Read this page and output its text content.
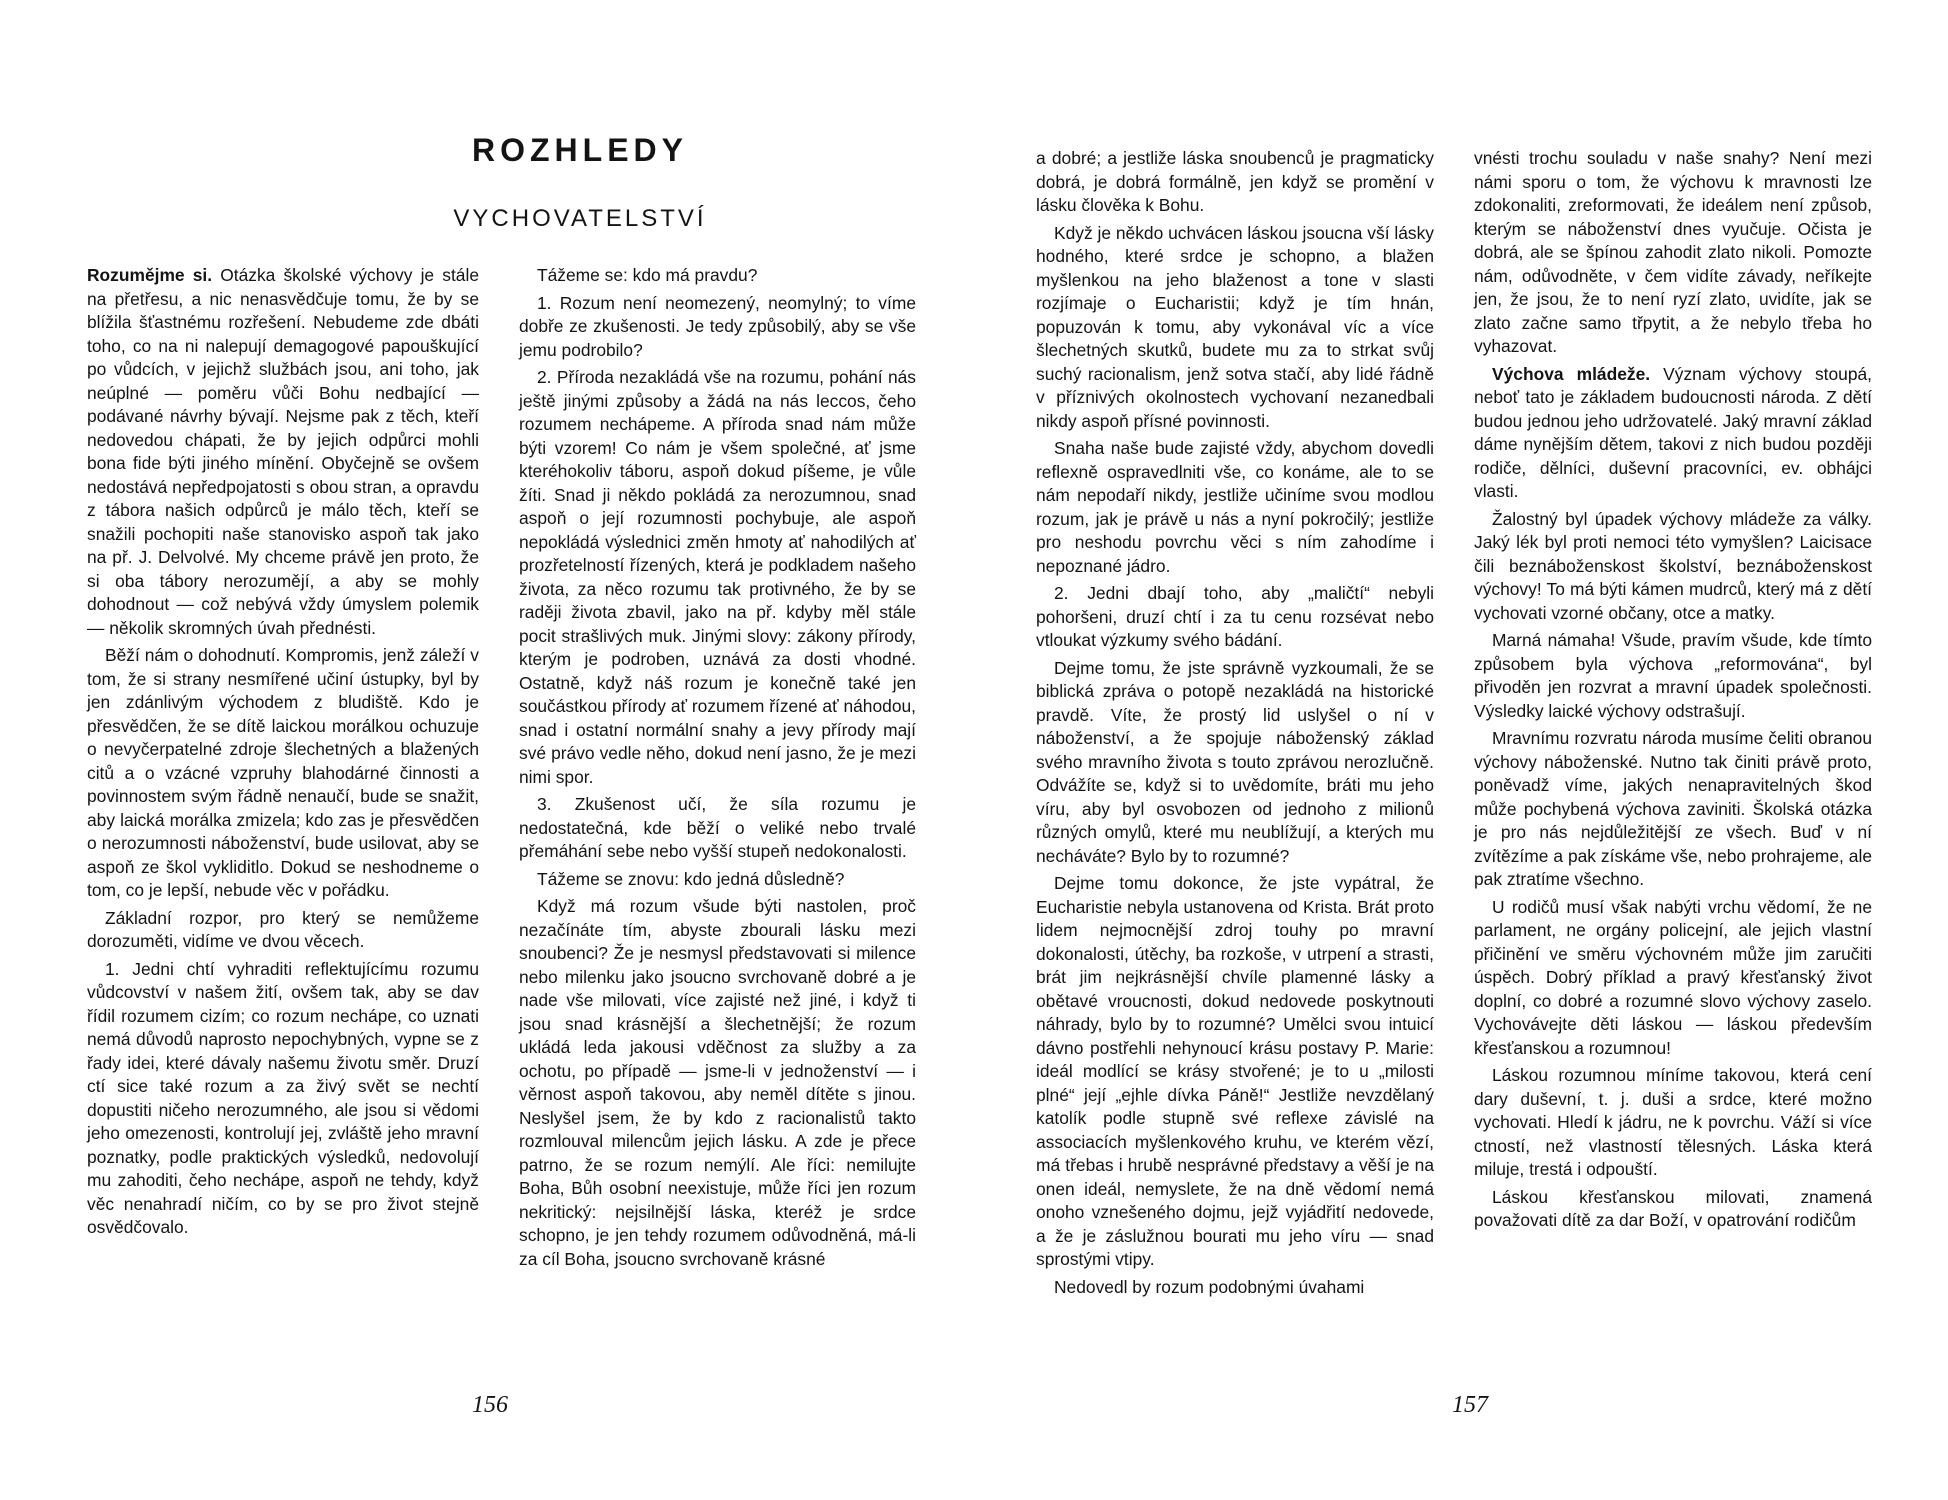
ROZHLEDY
VYCHOVATELSTVÍ

Rozumějme si. Otázka školské výchovy je stále na přetřesu, a nic nenasvědčuje tomu, že by se blížila šťastnému rozřešení. Nebudeme zde dbáti toho, co na ni nalepují demagogové papouškující po vůdcích, v jejichž službách jsou, ani toho, jak neúplné — poměru vůči Bohu nedbající — podávané návrhy bývají. Nejsme pak z těch, kteří nedovedou chápati, že by jejich odpůrci mohli bona fide býti jiného mínění. Obyčejně se ovšem nedostává nepředpojatosti s obou stran, a opravdu z tábora našich odpůrců je málo těch, kteří se snažili pochopiti naše stanovisko aspoň tak jako na př. J. Delvolvé. My chceme právě jen proto, že si oba tábory nerozumějí, a aby se mohly dohodnout — což nebývá vždy úmyslem polemik — několik skromných úvah přednésti.

Běží nám o dohodnutí. Kompromis, jenž záleží v tom, že si strany nesmířené učiní ústupky, byl by jen zdánlivým východem z bludiště. Kdo je přesvědčen, že se dítě laickou morálkou ochuzuje o nevyčerpatelné zdroje šlechetných a blažených citů a o vzácné vzpruhy blahodárné činnosti a povinnostem svým řádně nenaučí, bude se snažit, aby laická morálka zmizela; kdo zas je přesvědčen o nerozumnosti náboženství, bude usilovat, aby se aspoň ze škol vykliditlo. Dokud se neshodneme o tom, co je lepší, nebude věc v pořádku.

Základní rozpor, pro který se nemůžeme dorozuměti, vidíme ve dvou věcech.

1. Jedni chtí vyhraditi reflektujícímu rozumu vůdcovství v našem žití, ovšem tak, aby se dav řídil rozumem cizím; co rozum nechápe, co uznati nemá důvodů naprosto nepochybných, vypne se z řady idei, které dávaly našemu životu směr. Druzí ctí sice také rozum a za živý svět se nechtí dopustiti ničeho nerozumného, ale jsou si vědomi jeho omezenosti, kontrolují jej, zvláště jeho mravní poznatky, podle praktických výsledků, nedovolují mu zahoditi, čeho nechápe, aspoň ne tehdy, když věc nenahradí ničím, co by se pro život stejně osvědčovalo.

Tážeme se: kdo má pravdu?

1. Rozum není neomezený, neomylný; to víme dobře ze zkušenosti. Je tedy způsobilý, aby se vše jemu podrobilo?

2. Příroda nezakládá vše na rozumu, pohání nás ještě jinými způsoby a žádá na nás leccos, čeho rozumem nechápeme. A příroda snad nám může býti vzorem! Co nám je všem společné, ať jsme kteréhokoliv táboru, aspoň dokud píšeme, je vůle žíti. Snad ji někdo pokládá za nerozumnou, snad aspoň o její rozumnosti pochybuje, ale aspoň nepokládá výslednici změn hmoty ať nahodilých ať prozřetelností řízených, která je podkladem našeho života, za něco rozumu tak protivného, že by se raději života zbavil, jako na př. kdyby měl stále pocit strašlivých muk. Jinými slovy: zákony přírody, kterým je podroben, uznává za dosti vhodné. Ostatně, když náš rozum je konečně také jen součástkou přírody ať rozumem řízené ať náhodou, snad i ostatní normální snahy a jevy přírody mají své právo vedle něho, dokud není jasno, že je mezi nimi spor.

3. Zkušenost učí, že síla rozumu je nedostatečná, kde běží o veliké nebo trvalé přemáhání sebe nebo vyšší stupeň nedokonalosti.

Tážeme se znovu: kdo jedná důsledně?

Když má rozum všude býti nastolen, proč nezačínáte tím, abyste zbourali lásku mezi snoubenci? Že je nesmysl představovati si milence nebo milenku jako jsoucno svrchovaně dobré a je nade vše milovati, více zajisté než jiné, i když ti jsou snad krásnější a šlechetnější; že rozum ukládá leda jakousi vděčnost za služby a za ochotu, po případě — jsme-li v jednoženství — i věrnost aspoň takovou, aby neměl dítěte s jinou. Neslyšel jsem, že by kdo z racionalistů takto rozmlouval milencům jejich lásku. A zde je přece patrno, že se rozum nemýlí. Ale říci: nemilujte Boha, Bůh osobní neexistuje, může říci jen rozum nekritický: nejsilnější láska, kteréž je srdce schopno, je jen tehdy rozumem odůvodněná, má-li za cíl Boha, jsoucno svrchovaně krásné

156

a dobré; a jestliže láska snoubenců je pragmaticky dobrá, je dobrá formálně, jen když se promění v lásku člověka k Bohu.

Když je někdo uchvácen láskou jsoucna vší lásky hodného, které srdce je schopno, a blažen myšlenkou na jeho blaženost a tone v slasti rozjímaje o Eucharistii; když je tím hnán, popuzován k tomu, aby vykonával víc a více šlechetných skutků, budete mu za to strkat svůj suchý racionalism, jenž sotva stačí, aby lidé řádně v příznivých okolnostech vychovaní nezanedbali nikdy aspoň přísné povinnosti.

Snaha naše bude zajisté vždy, abychom dovedli reflexně ospravedlniti vše, co konáme, ale to se nám nepodaří nikdy, jestliže učiníme svou modlou rozum, jak je právě u nás a nyní pokročilý; jestliže pro neshodu povrchu věci s ním zahodíme i nepoznané jádro.

2. Jedni dbají toho, aby „maličtí“ nebyli pohoršeni, druzí chtí i za tu cenu rozsévat nebo vtloukat výzkumy svého bádání.

Dejme tomu, že jste správně vyzkoumali, že se biblická zpráva o potopě nezakládá na historické pravdě. Víte, že prostý lid uslyšel o ní v náboženství, a že spojuje náboženský základ svého mravního života s touto zprávou nerozlučně. Odvážíte se, když si to uvědomíte, bráti mu jeho víru, aby byl osvobozen od jednoho z milionů různých omylů, které mu neublížují, a kterých mu necháváte? Bylo by to rozumné?

Dejme tomu dokonce, že jste vypátral, že Eucharistie nebyla ustanovena od Krista. Brát proto lidem nejmocnější zdroj touhy po mravní dokonalosti, útěchy, ba rozkoše, v utrpení a strasti, brát jim nejkrásnější chvíle plamenné lásky a obětavé vroucnosti, dokud nedovede poskytnouti náhrady, bylo by to rozumné? Umělci svou intuicí dávno postřehli nehynoucí krásu postavy P. Marie: ideál modlící se krásy stvořené; je to u „milosti plné“ její „ejhle dívka Páně!“ Jestliže nevzdělaný katolík podle stupně své reflexe závislé na associacích myšlenkového kruhu, ve kterém vězí, má třebas i hrubě nesprávné představy a věší je na onen ideál, nemyslete, že na dně vědomí nemá onoho vznešeného dojmu, jejž vyjádřití nedovede, a že je záslužnou bourati mu jeho víru — snad sprostými vtipy.

Nedovedl by rozum podobnými úvahami

vnésti trochu souladu v naše snahy? Není mezi námi sporu o tom, že výchovu k mravnosti lze zdokonaliti, zreformovati, že ideálem není způsob, kterým se náboženství dnes vyučuje. Očista je dobrá, ale se špínou zahodit zlato nikoli. Pomozte nám, odůvodněte, v čem vidíte závady, neříkejte jen, že jsou, že to není ryzí zlato, uvidíte, jak se zlato začne samo třpytit, a že nebylo třeba ho vyhazovat.

Výchova mládeže. Význam výchovy stoupá, neboť tato je základem budoucnosti národa. Z dětí budou jednou jeho udržovatelé. Jaký mravní základ dáme nynějším dětem, takovi z nich budou později rodiče, dělníci, duševní pracovníci, ev. obhájci vlasti.

Žalostný byl úpadek výchovy mládeže za války. Jaký lék byl proti nemoci této vymyšlen? Laicisace čili beznáboženskost školství, beznáboženskost výchovy! To má býti kámen mudrců, který má z dětí vychovati vzorné občany, otce a matky.

Marná námaha! Všude, pravím všude, kde tímto způsobem byla výchova „reformována“, byl přivoděn jen rozvrat a mravní úpadek společnosti. Výsledky laické výchovy odstrašují.

Mravnímu rozvratu národa musíme čeliti obranou výchovy náboženské. Nutno tak činiti právě proto, poněvadž víme, jakých nenapravitelných škod může pochybená výchova zaviniti. Školská otázka je pro nás nejdůležitější ze všech. Buď v ní zvítězíme a pak získáme vše, nebo prohrajeme, ale pak ztratíme všechno.

U rodičů musí však nabýti vrchu vědomí, že ne parlament, ne orgány policejní, ale jejich vlastní přičinění ve směru výchovném může jim zaručiti úspěch. Dobrý příklad a pravý křesťanský život doplní, co dobré a rozumné slovo výchovy zaselo. Vychovávejte děti láskou — láskou především křesťanskou a rozumnou!

Láskou rozumnou míníme takovou, která cení dary duševní, t. j. duši a srdce, které možno vychovati. Hledí k jádru, ne k povrchu. Váží si více ctností, než vlastností tělesných. Láska která miluje, trestá i odpouští.

Láskou křesťanskou milovati, znamená považovati dítě za dar Boží, v opatrování rodičům

157
